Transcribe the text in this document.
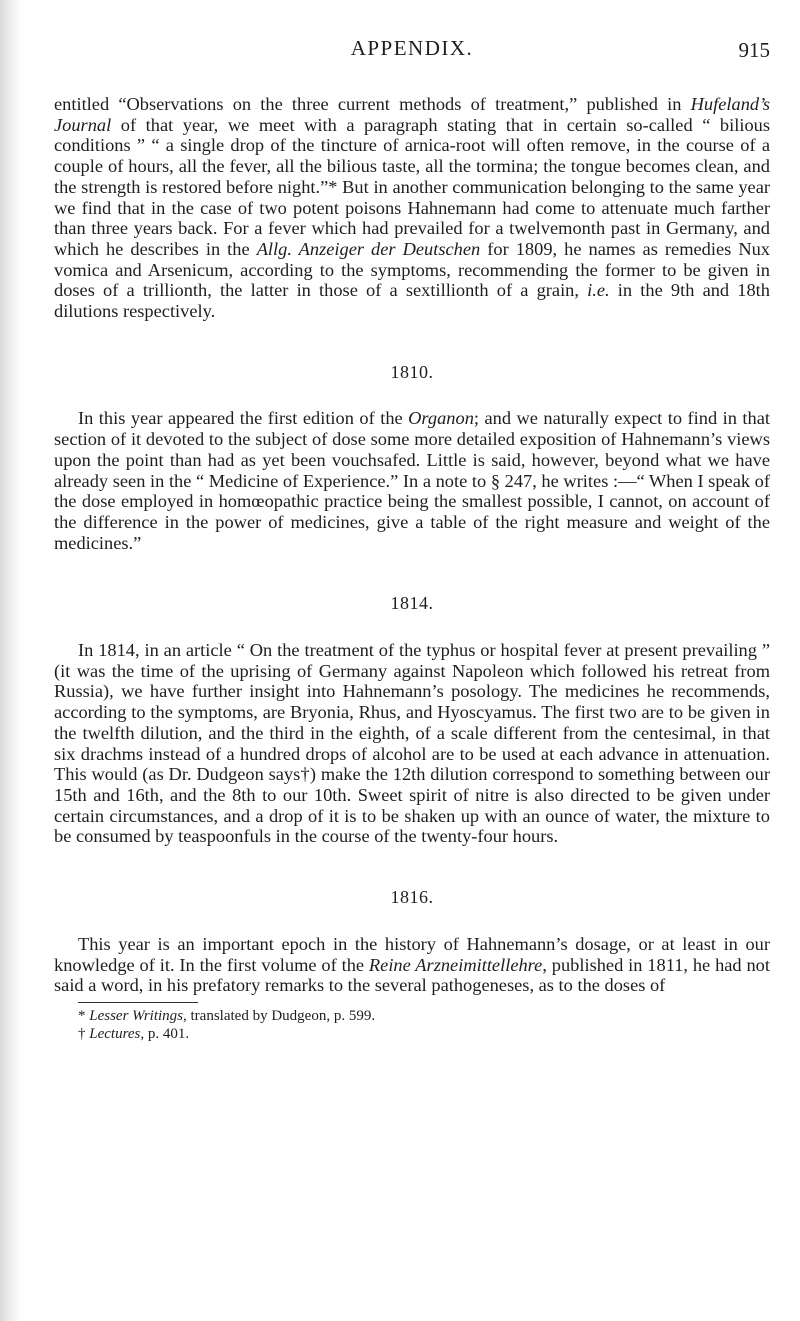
APPENDIX.	915

entitled “Observations on the three current methods of treatment,” published in Hufeland’s Journal of that year, we meet with a paragraph stating that in certain so-called “ bilious conditions ” “ a single drop of the tincture of arnica-root will often remove, in the course of a couple of hours, all the fever, all the bilious taste, all the tormina; the tongue becomes clean, and the strength is restored before night.”* But in another communication belonging to the same year we find that in the case of two potent poisons Hahnemann had come to attenuate much farther than three years back. For a fever which had prevailed for a twelvemonth past in Germany, and which he describes in the Allg. Anzeiger der Deutschen for 1809, he names as remedies Nux vomica and Arsenicum, according to the symptoms, recommending the former to be given in doses of a trillionth, the latter in those of a sextillionth of a grain, i.e. in the 9th and 18th dilutions respectively.

1810.

In this year appeared the first edition of the Organon; and we naturally expect to find in that section of it devoted to the subject of dose some more detailed exposition of Hahnemann’s views upon the point than had as yet been vouchsafed. Little is said, however, beyond what we have already seen in the “ Medicine of Experience.” In a note to § 247, he writes :—“ When I speak of the dose employed in homœopathic practice being the smallest possible, I cannot, on account of the difference in the power of medicines, give a table of the right measure and weight of the medicines.”

1814.

In 1814, in an article “ On the treatment of the typhus or hospital fever at present prevailing ” (it was the time of the uprising of Germany against Napoleon which followed his retreat from Russia), we have further insight into Hahnemann’s posology. The medicines he recommends, according to the symptoms, are Bryonia, Rhus, and Hyoscyamus. The first two are to be given in the twelfth dilution, and the third in the eighth, of a scale different from the centesimal, in that six drachms instead of a hundred drops of alcohol are to be used at each advance in attenuation. This would (as Dr. Dudgeon says†) make the 12th dilution correspond to something between our 15th and 16th, and the 8th to our 10th. Sweet spirit of nitre is also directed to be given under certain circumstances, and a drop of it is to be shaken up with an ounce of water, the mixture to be consumed by teaspoonfuls in the course of the twenty-four hours.

1816.

This year is an important epoch in the history of Hahnemann’s dosage, or at least in our knowledge of it. In the first volume of the Reine Arzneimittellehre, published in 1811, he had not said a word, in his prefatory remarks to the several pathogeneses, as to the doses of

* Lesser Writings, translated by Dudgeon, p. 599.

† Lectures, p. 401.
